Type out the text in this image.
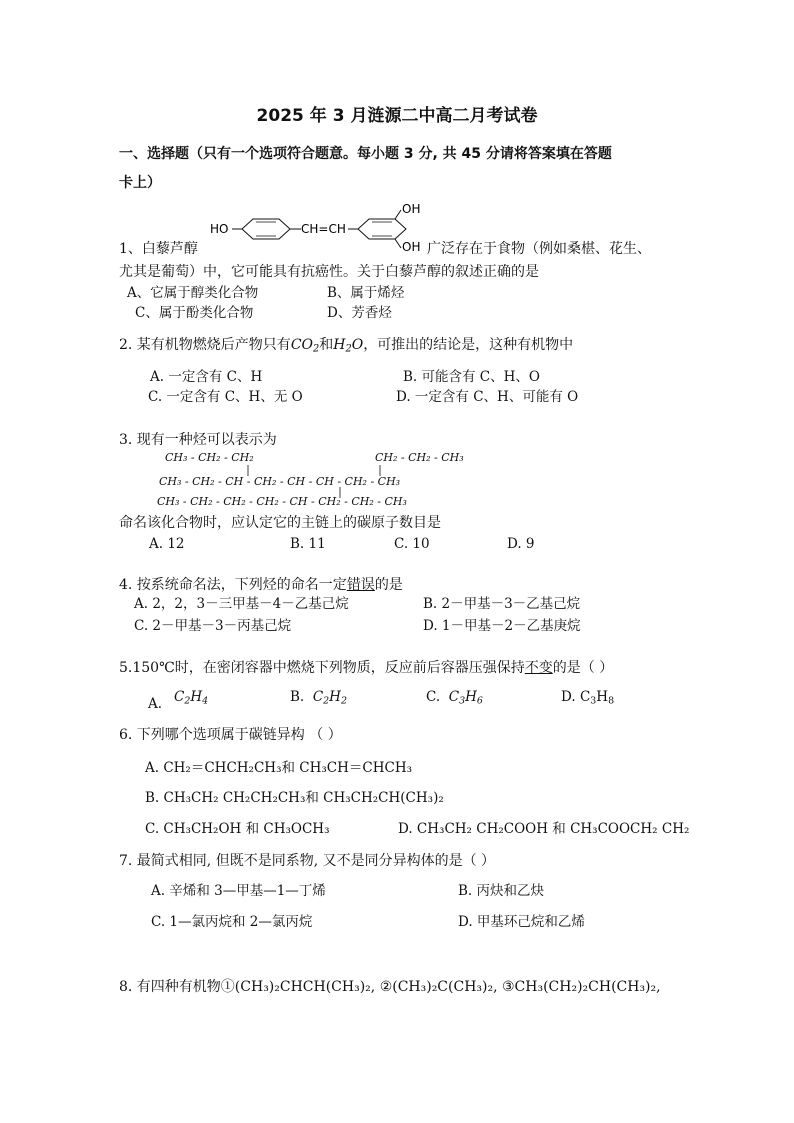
2025 年 3 月涟源二中高二月考试卷
一、选择题（只有一个选项符合题意。每小题 3 分, 共 45 分请将答案填在答题
卡上）
HO	CH=CH
OH
OH
1、白藜芦醇	广泛存在于食物（例如桑椹、花生、
尤其是葡萄）中，它可能具有抗癌性。关于白藜芦醇的叙述正确的是
A、它属于醇类化合物	B、属于烯烃
C、属于酚类化合物	D、芳香烃
2. 某有机物燃烧后产物只有$CO_2$和$H_2O$，可推出的结论是，这种有机物中
A. 一定含有 C、H	B. 可能含有 C、H、O
C. 一定含有 C、H、无 O	D. 一定含有 C、H、可能有 O
3. 现有一种烃可以表示为
CH₃ - CH₂ - CH₂	CH₂ - CH₂ - CH₃
CH₃ - CH₂ - CH - CH₂ - CH - CH - CH₂ - CH₃
CH₃ - CH₂ - CH₂ - CH₂ - CH - CH₂ - CH₂ - CH₃
命名该化合物时，应认定它的主链上的碳原子数目是
A. 12	B. 11	C. 10	D. 9
4. 按系统命名法，下列烃的命名一定错误的是
A. 2，2，3－三甲基－4－乙基己烷	B. 2－甲基－3－乙基己烷
C. 2－甲基－3－丙基己烷	D. 1－甲基－2－乙基庚烷
5.150℃时，在密闭容器中燃烧下列物质，反应前后容器压强保持不变的是（ ）
A. $C_2H_4$	B. $C_2H_2$	C. $C_3H_6$	D. $C_3H_8$
6. 下列哪个选项属于碳链异构 （ ）
A. CH₂＝CHCH₂CH₃和 CH₃CH＝CHCH₃
B. CH₃CH₂ CH₂CH₂CH₃和 CH₃CH₂CH(CH₃)₂
C. CH₃CH₂OH 和 CH₃OCH₃	D. CH₃CH₂ CH₂COOH 和 CH₃COOCH₂ CH₂
7. 最简式相同, 但既不是同系物, 又不是同分异构体的是（ ）
A. 辛烯和 3—甲基—1—丁烯	B. 丙炔和乙炔
C. 1—氯丙烷和 2—氯丙烷	D. 甲基环己烷和乙烯
8. 有四种有机物①(CH₃)₂CHCH(CH₃)₂, ②(CH₃)₂C(CH₃)₂, ③CH₃(CH₂)₂CH(CH₃)₂,
